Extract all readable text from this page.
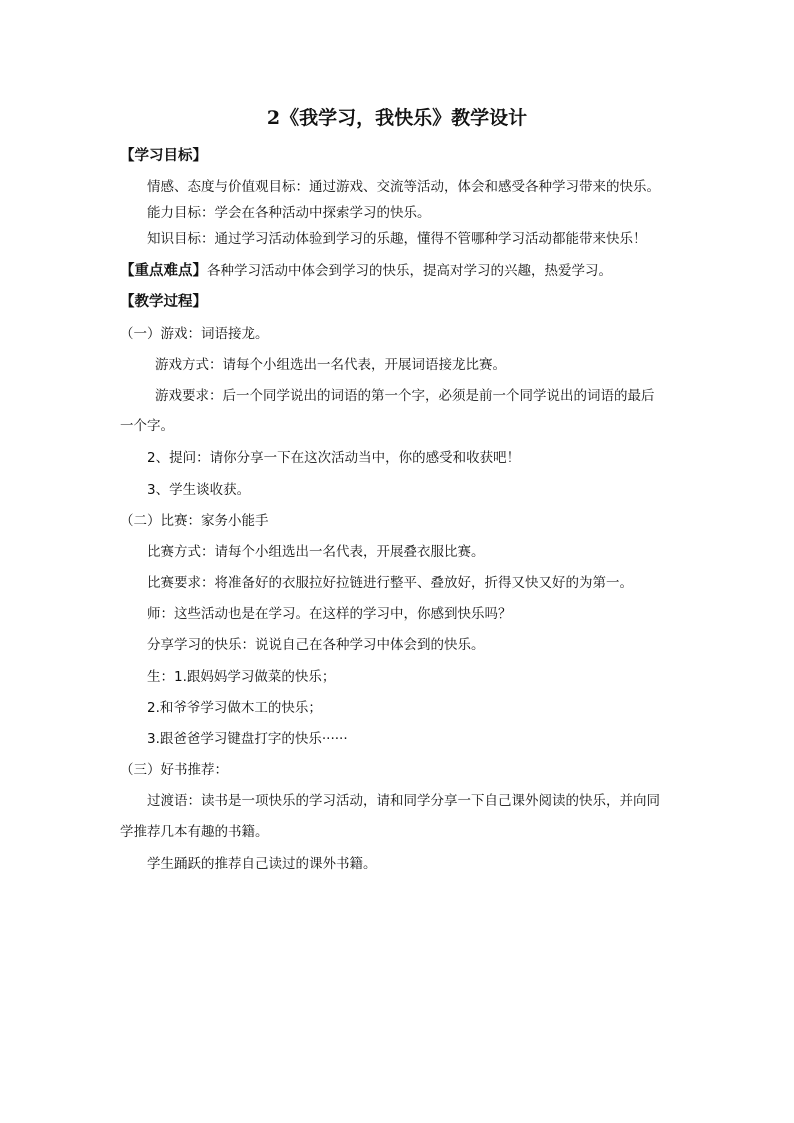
2《我学习，我快乐》教学设计
【学习目标】
情感、态度与价值观目标：通过游戏、交流等活动，体会和感受各种学习带来的快乐。
能力目标：学会在各种活动中探索学习的快乐。
知识目标：通过学习活动体验到学习的乐趣，懂得不管哪种学习活动都能带来快乐！
【重点难点】各种学习活动中体会到学习的快乐，提高对学习的兴趣，热爱学习。
【教学过程】
（一）游戏：词语接龙。
游戏方式：请每个小组选出一名代表，开展词语接龙比赛。
游戏要求：后一个同学说出的词语的第一个字，必须是前一个同学说出的词语的最后
一个字。
2、提问：请你分享一下在这次活动当中，你的感受和收获吧！
3、学生谈收获。
（二）比赛：家务小能手
比赛方式：请每个小组选出一名代表，开展叠衣服比赛。
比赛要求：将准备好的衣服拉好拉链进行整平、叠放好，折得又快又好的为第一。
师：这些活动也是在学习。在这样的学习中，你感到快乐吗？
分享学习的快乐：说说自己在各种学习中体会到的快乐。
生：1.跟妈妈学习做菜的快乐；
2.和爷爷学习做木工的快乐；
3.跟爸爸学习键盘打字的快乐······
（三）好书推荐：
过渡语：读书是一项快乐的学习活动，请和同学分享一下自己课外阅读的快乐，并向同
学推荐几本有趣的书籍。
学生踊跃的推荐自己读过的课外书籍。
